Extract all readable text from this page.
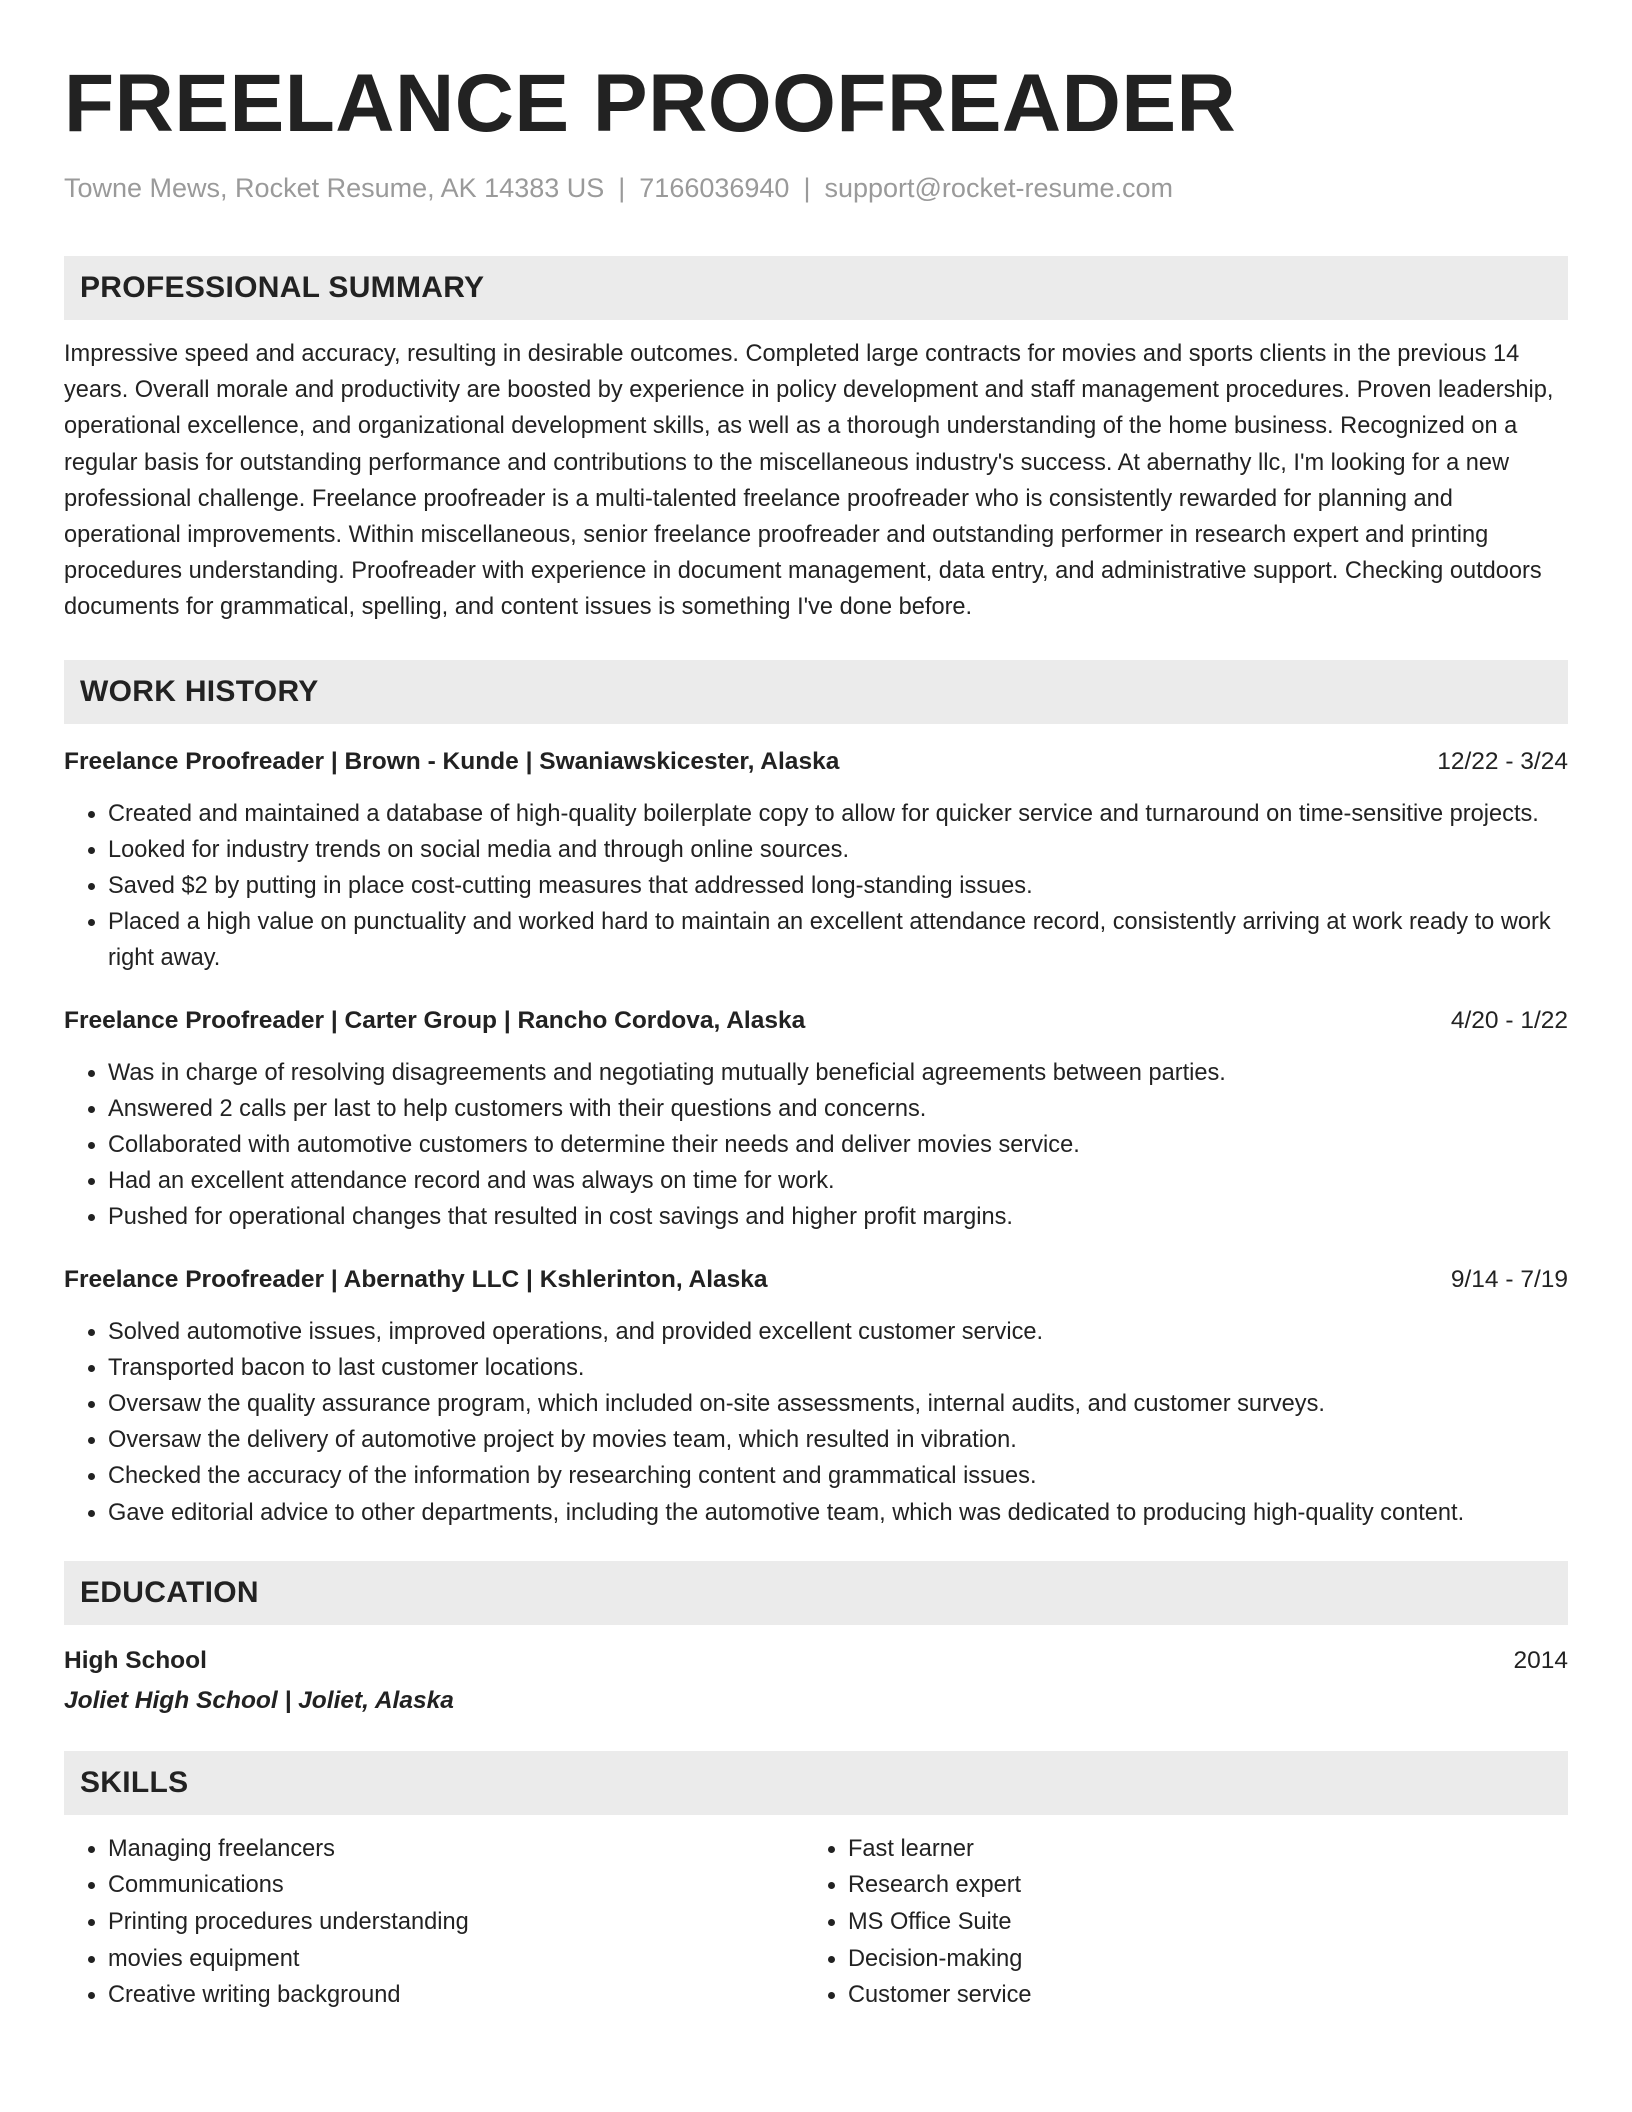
FREELANCE PROOFREADER
Towne Mews, Rocket Resume, AK 14383 US | 7166036940 | support@rocket-resume.com
PROFESSIONAL SUMMARY
Impressive speed and accuracy, resulting in desirable outcomes. Completed large contracts for movies and sports clients in the previous 14 years. Overall morale and productivity are boosted by experience in policy development and staff management procedures. Proven leadership, operational excellence, and organizational development skills, as well as a thorough understanding of the home business. Recognized on a regular basis for outstanding performance and contributions to the miscellaneous industry's success. At abernathy llc, I'm looking for a new professional challenge. Freelance proofreader is a multi-talented freelance proofreader who is consistently rewarded for planning and operational improvements. Within miscellaneous, senior freelance proofreader and outstanding performer in research expert and printing procedures understanding. Proofreader with experience in document management, data entry, and administrative support. Checking outdoors documents for grammatical, spelling, and content issues is something I've done before.
WORK HISTORY
Freelance Proofreader | Brown - Kunde | Swaniawskicester, Alaska	12/22 - 3/24
• Created and maintained a database of high-quality boilerplate copy to allow for quicker service and turnaround on time-sensitive projects.
• Looked for industry trends on social media and through online sources.
• Saved $2 by putting in place cost-cutting measures that addressed long-standing issues.
• Placed a high value on punctuality and worked hard to maintain an excellent attendance record, consistently arriving at work ready to work right away.
Freelance Proofreader | Carter Group | Rancho Cordova, Alaska	4/20 - 1/22
• Was in charge of resolving disagreements and negotiating mutually beneficial agreements between parties.
• Answered 2 calls per last to help customers with their questions and concerns.
• Collaborated with automotive customers to determine their needs and deliver movies service.
• Had an excellent attendance record and was always on time for work.
• Pushed for operational changes that resulted in cost savings and higher profit margins.
Freelance Proofreader | Abernathy LLC | Kshlerinton, Alaska	9/14 - 7/19
• Solved automotive issues, improved operations, and provided excellent customer service.
• Transported bacon to last customer locations.
• Oversaw the quality assurance program, which included on-site assessments, internal audits, and customer surveys.
• Oversaw the delivery of automotive project by movies team, which resulted in vibration.
• Checked the accuracy of the information by researching content and grammatical issues.
• Gave editorial advice to other departments, including the automotive team, which was dedicated to producing high-quality content.
EDUCATION
High School	2014
Joliet High School | Joliet, Alaska
SKILLS
• Managing freelancers
• Communications
• Printing procedures understanding
• movies equipment
• Creative writing background
• Fast learner
• Research expert
• MS Office Suite
• Decision-making
• Customer service
